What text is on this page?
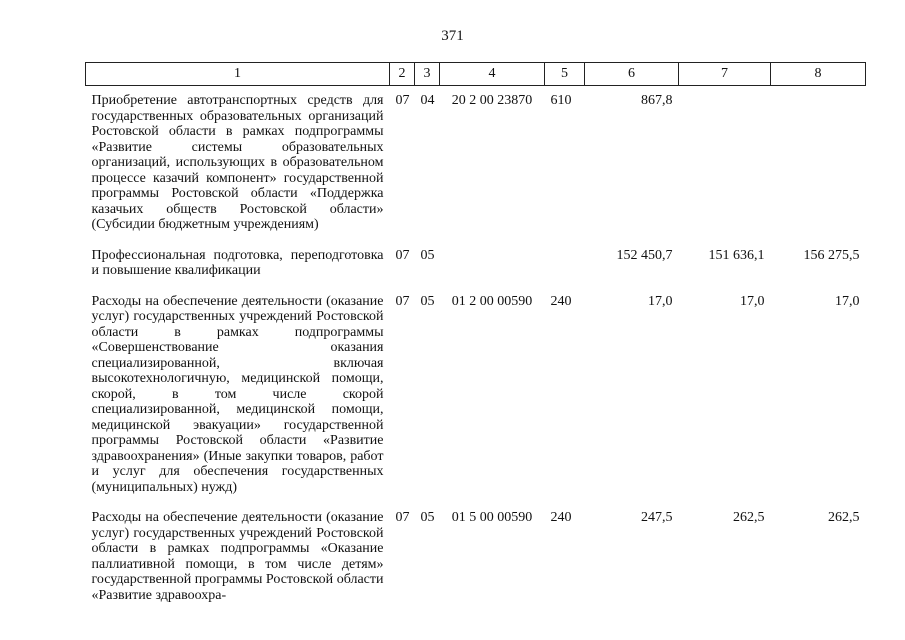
371
1	2	3	4	5	6	7	8
Приобретение автотранспортных средств для государственных образовательных организаций Ростовской области в рамках подпрограммы «Развитие системы образовательных организаций, использующих в образовательном процессе казачий компонент» государственной программы Ростовской области «Поддержка казачьих обществ Ростовской области» (Субсидии бюджетным учреждениям)	07	04	20 2 00 23870	610	867,8		
Профессиональная подготовка, переподготовка и повышение квалификации	07	05			152 450,7	151 636,1	156 275,5
Расходы на обеспечение деятельности (оказание услуг) государственных учреждений Ростовской области в рамках подпрограммы «Совершенствование оказания специализированной, включая высокотехнологичную, медицинской помощи, скорой, в том числе скорой специализированной, медицинской помощи, медицинской эвакуации» государственной программы Ростовской области «Развитие здравоохранения» (Иные закупки товаров, работ и услуг для обеспечения государственных (муниципальных) нужд)	07	05	01 2 00 00590	240	17,0	17,0	17,0
Расходы на обеспечение деятельности (оказание услуг) государственных учреждений Ростовской области в рамках подпрограммы «Оказание паллиативной помощи, в том числе детям» государственной программы Ростовской области «Развитие здравоохра-	07	05	01 5 00 00590	240	247,5	262,5	262,5
